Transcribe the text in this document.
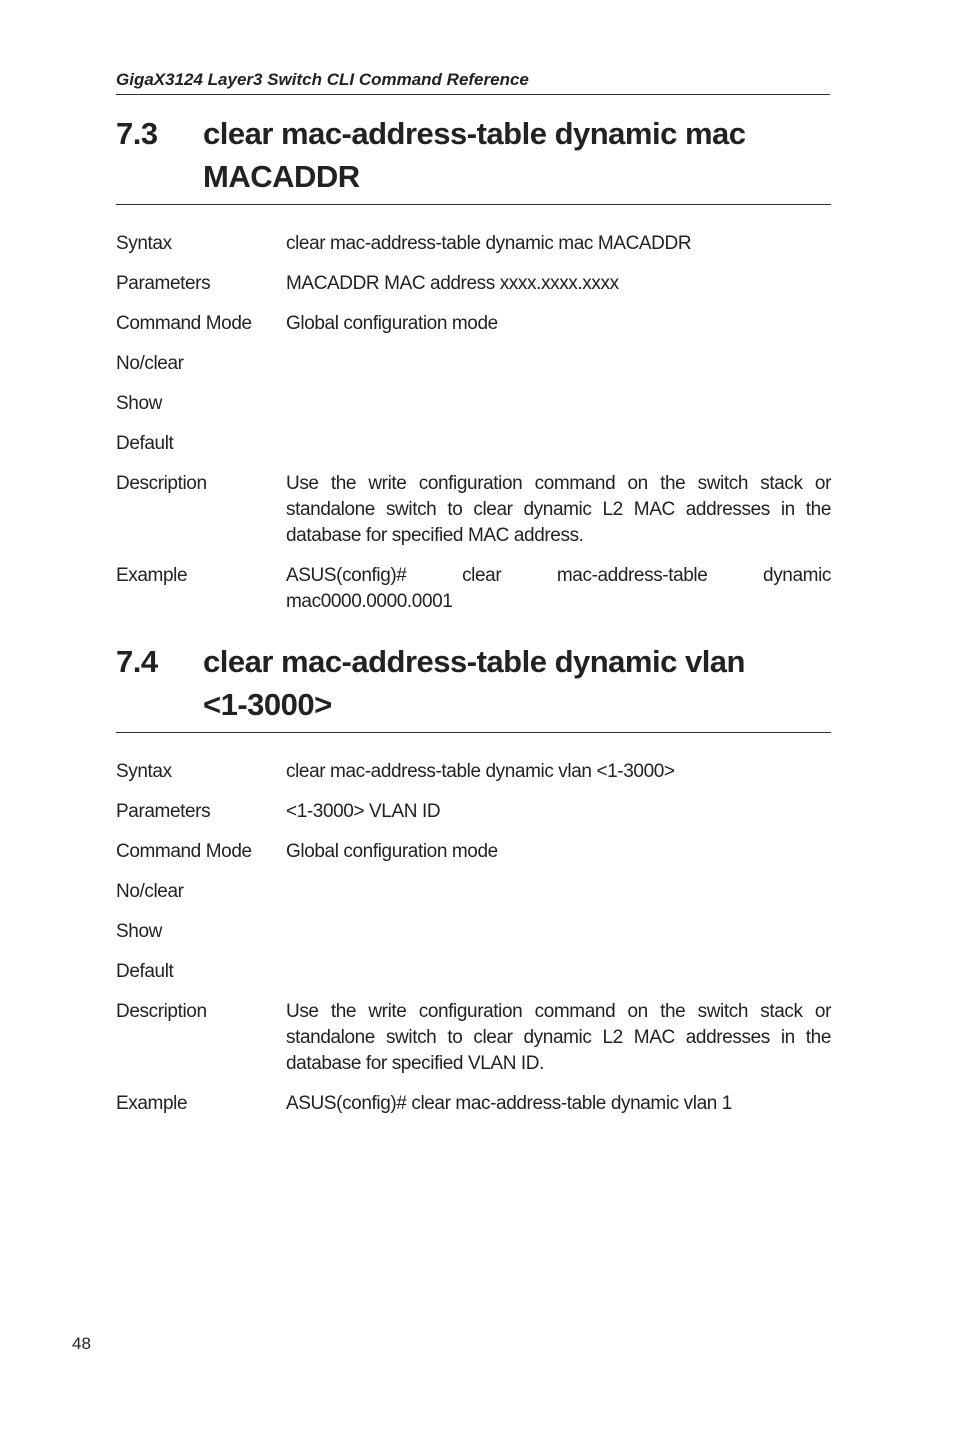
GigaX3124 Layer3 Switch CLI Command Reference
7.3 clear mac-address-table dynamic mac
MACADDR
Syntax	clear mac-address-table dynamic mac MACADDR
Parameters	MACADDR MAC address xxxx.xxxx.xxxx
Command Mode	Global configuration mode
No/clear
Show
Default
Description	Use the write configuration command on the switch stack or standalone switch to clear dynamic L2 MAC addresses in the database for specified MAC address.
Example	ASUS(config)# clear mac-address-table dynamic mac0000.0000.0001
7.4 clear mac-address-table dynamic vlan
<1-3000>
Syntax	clear mac-address-table dynamic vlan <1-3000>
Parameters	<1-3000> VLAN ID
Command Mode	Global configuration mode
No/clear
Show
Default
Description	Use the write configuration command on the switch stack or standalone switch to clear dynamic L2 MAC addresses in the database for specified VLAN ID.
Example	ASUS(config)# clear mac-address-table dynamic vlan 1
48
